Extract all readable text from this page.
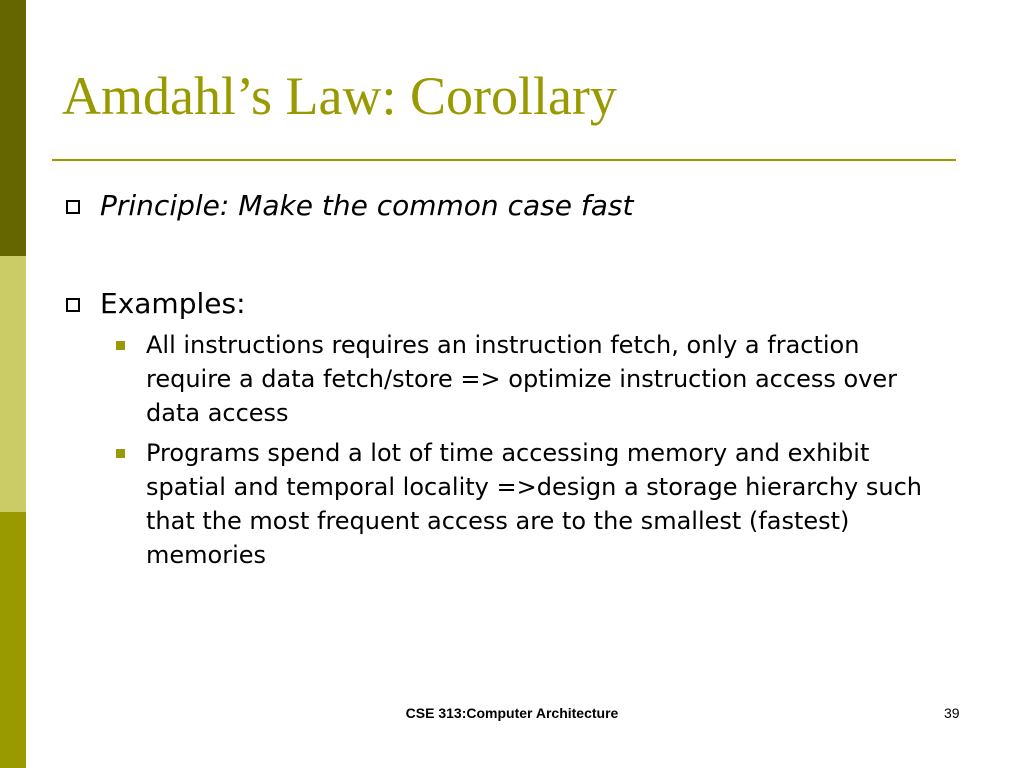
Amdahl’s Law: Corollary
Principle: Make the common case fast
Examples:
All instructions requires an instruction fetch, only a fraction require a data fetch/store => optimize instruction access over data access
Programs spend a lot of time accessing memory and exhibit spatial and temporal locality =>design a storage hierarchy such that the most frequent access are to the smallest (fastest) memories
CSE 313:Computer Architecture	39
